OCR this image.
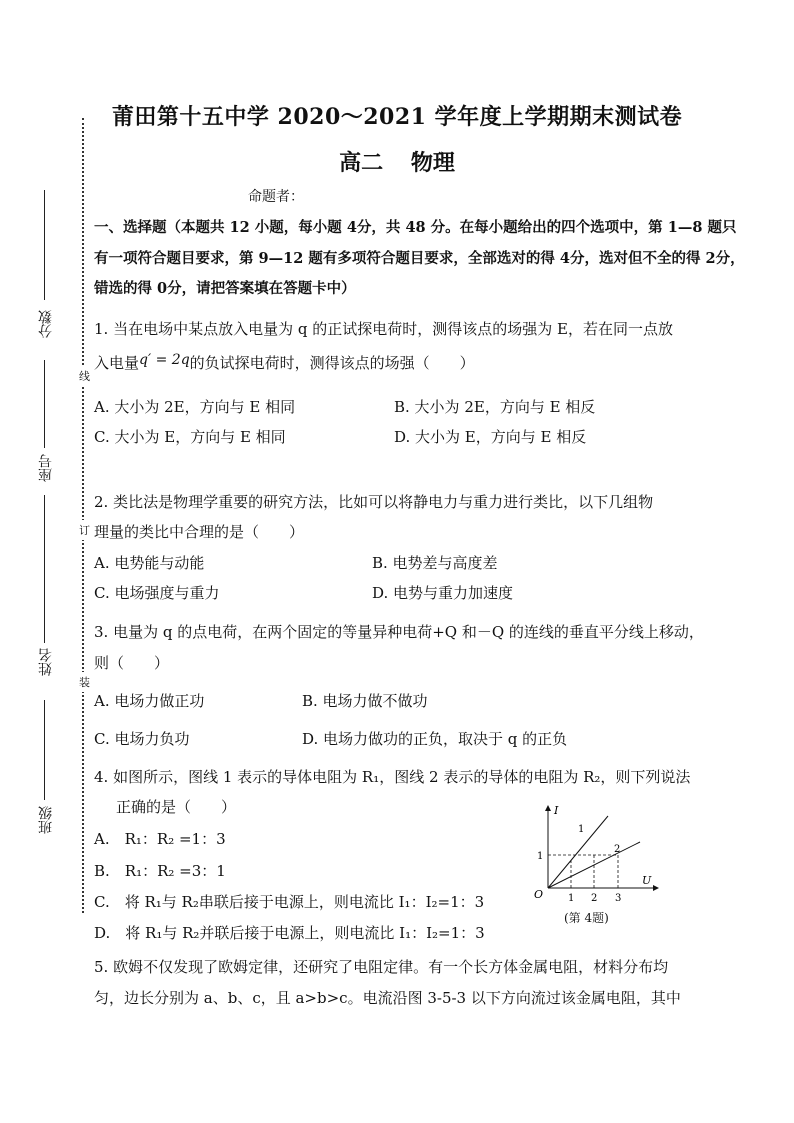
线
订
装
分数
座号
姓名
班级
莆田第十五中学 2020～2021 学年度上学期期末测试卷
高二 物理
命题者：
一、选择题（本题共 12 小题，每小题 4分，共 48 分。在每小题给出的四个选项中，第 1—8 题只
有一项符合题目要求，第 9—12 题有多项符合题目要求，全部选对的得 4分，选对但不全的得 2分，
错选的得 0分，请把答案填在答题卡中）
1. 当在电场中某点放入电量为 q 的正试探电荷时，测得该点的场强为 E，若在同一点放
入电量q′ = 2q的负试探电荷时，测得该点的场强（　　）
A. 大小为 2E，方向与 E 相同	B. 大小为 2E，方向与 E 相反
C. 大小为 E，方向与 E 相同	D. 大小为 E，方向与 E 相反
2. 类比法是物理学重要的研究方法，比如可以将静电力与重力进行类比，以下几组物
理量的类比中合理的是（　　）
A. 电势能与动能	B. 电势差与高度差
C. 电场强度与重力	D. 电势与重力加速度
3. 电量为 q 的点电荷，在两个固定的等量异种电荷+Q 和－Q 的连线的垂直平分线上移动，
则（　　）
A. 电场力做正功	B. 电场力做不做功
C. 电场力负功	D. 电场力做功的正负，取决于 q 的正负
4. 如图所示，图线 1 表示的导体电阻为 R₁，图线 2 表示的导体的电阻为 R₂，则下列说法
正确的是（　　）
A.　R₁：R₂ =1：3
B.　R₁：R₂ =3：1
C.　将 R₁与 R₂串联后接于电源上，则电流比 I₁：I₂=1：3
D.　将 R₁与 R₂并联后接于电源上，则电流比 I₁：I₂=1：3
I
U
O
1
2
1
1 2 3
(第 4题)
5. 欧姆不仅发现了欧姆定律，还研究了电阻定律。有一个长方体金属电阻，材料分布均
匀，边长分别为 a、b、c，且 a>b>c。电流沿图 3-5-3 以下方向流过该金属电阻，其中
